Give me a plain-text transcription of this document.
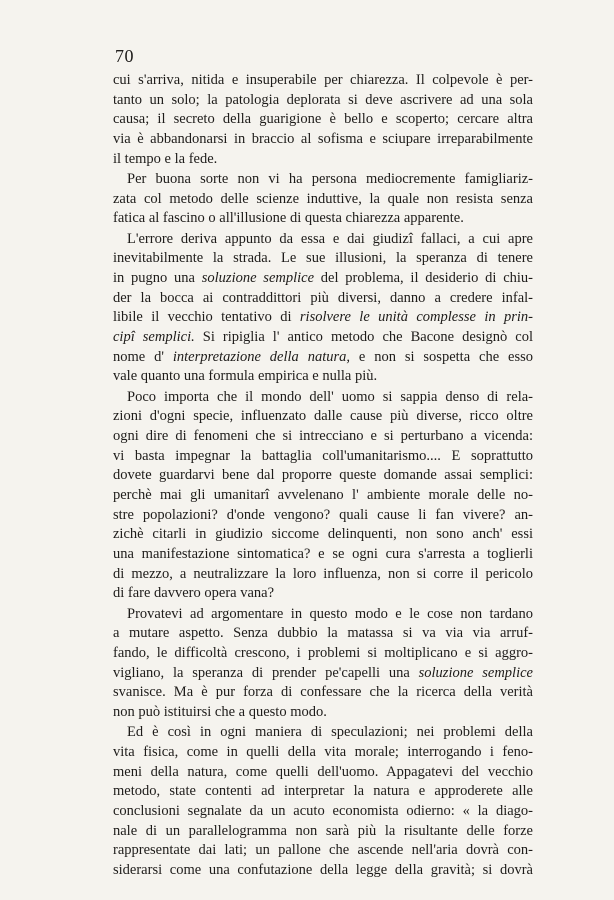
70
cui s'arriva, nitida e insuperabile per chiarezza. Il colpevole è per-
tanto un solo; la patologia deplorata si deve ascrivere ad una sola
causa; il secreto della guarigione è bello e scoperto; cercare altra
via è abbandonarsi in braccio al sofisma e sciupare irreparabilmente
il tempo e la fede.
Per buona sorte non vi ha persona mediocremente famigliariz-
zata col metodo delle scienze induttive, la quale non resista senza
fatica al fascino o all'illusione di questa chiarezza apparente.
L'errore deriva appunto da essa e dai giudizî fallaci, a cui apre
inevitabilmente la strada. Le sue illusioni, la speranza di tenere
in pugno una soluzione semplice del problema, il desiderio di chiu-
der la bocca ai contraddittori più diversi, danno a credere infal-
libile il vecchio tentativo di risolvere le unità complesse in prin-
cipî semplici. Si ripiglia l' antico metodo che Bacone designò col
nome d' interpretazione della natura, e non si sospetta che esso
vale quanto una formula empirica e nulla più.
Poco importa che il mondo dell' uomo si sappia denso di rela-
zioni d'ogni specie, influenzato dalle cause più diverse, ricco oltre
ogni dire di fenomeni che si intrecciano e si perturbano a vicenda:
vi basta impegnar la battaglia coll'umanitarismo.... E soprattutto
dovete guardarvi bene dal proporre queste domande assai semplici:
perchè mai gli umanitarî avvelenano l' ambiente morale delle no-
stre popolazioni? d'onde vengono? quali cause li fan vivere? an-
zichè citarli in giudizio siccome delinquenti, non sono anch' essi
una manifestazione sintomatica? e se ogni cura s'arresta a toglierli
di mezzo, a neutralizzare la loro influenza, non si corre il pericolo
di fare davvero opera vana?
Provatevi ad argomentare in questo modo e le cose non tardano
a mutare aspetto. Senza dubbio la matassa si va via via arruf-
fando, le difficoltà crescono, i problemi si moltiplicano e si aggro-
vigliano, la speranza di prender pe'capelli una soluzione semplice
svanisce. Ma è pur forza di confessare che la ricerca della verità
non può istituirsi che a questo modo.
Ed è così in ogni maniera di speculazioni; nei problemi della
vita fisica, come in quelli della vita morale; interrogando i feno-
meni della natura, come quelli dell'uomo. Appagatevi del vecchio
metodo, state contenti ad interpretar la natura e approderete alle
conclusioni segnalate da un acuto economista odierno: « la diago-
nale di un parallelogramma non sarà più la risultante delle forze
rappresentate dai lati; un pallone che ascende nell'aria dovrà con-
siderarsi come una confutazione della legge della gravità; si dovrà
